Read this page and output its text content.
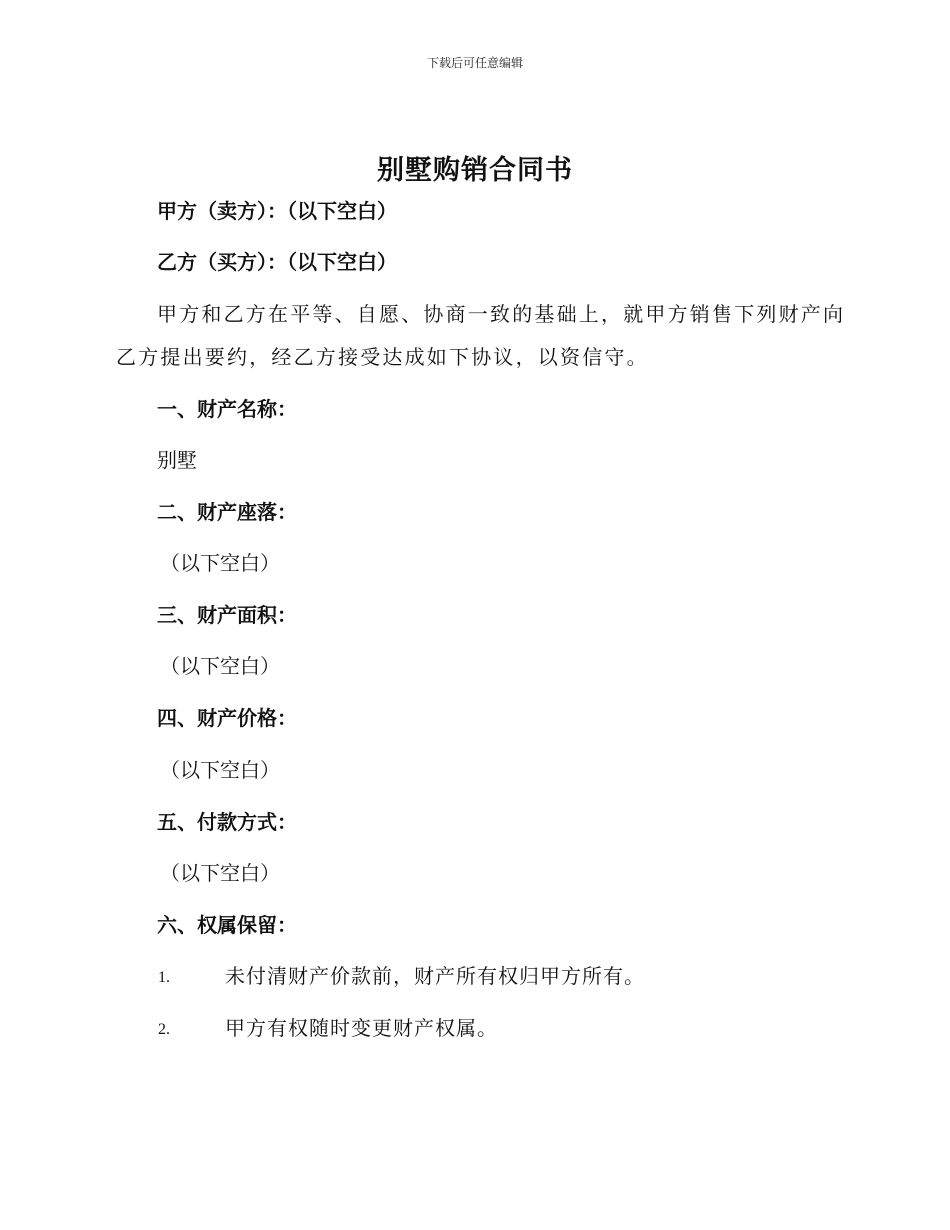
下载后可任意编辑
别墅购销合同书
甲方（卖方）：（以下空白）
乙方（买方）：（以下空白）
甲方和乙方在平等、自愿、协商一致的基础上，就甲方销售下列财产向
乙方提出要约，经乙方接受达成如下协议，以资信守。
一、财产名称：
别墅
二、财产座落：
（以下空白）
三、财产面积：
（以下空白）
四、财产价格：
（以下空白）
五、付款方式：
（以下空白）
六、权属保留：
1.	未付清财产价款前，财产所有权归甲方所有。
2.	甲方有权随时变更财产权属。
